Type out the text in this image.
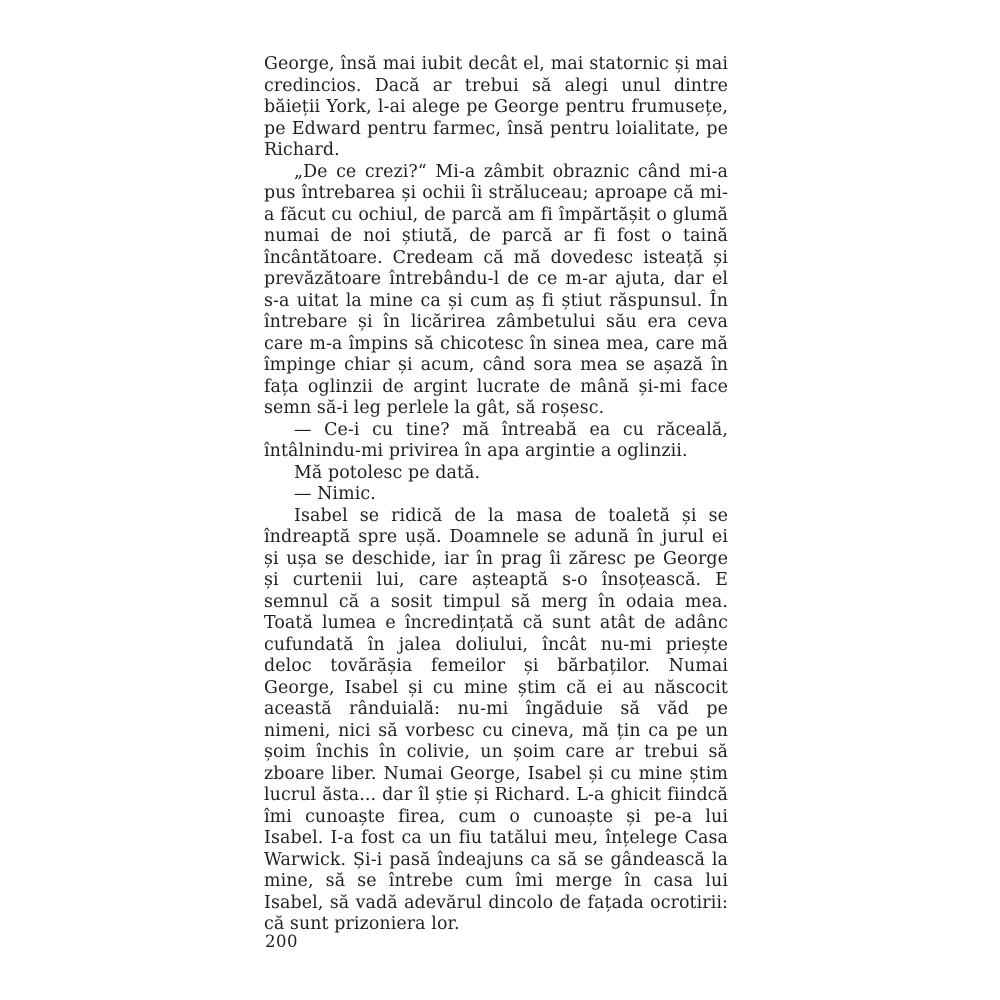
George, însă mai iubit decât el, mai statornic și mai credincios. Dacă ar trebui să alegi unul dintre băieții York, l-ai alege pe George pentru frumusețe, pe Edward pentru farmec, însă pentru loialitate, pe Richard.

„De ce crezi?“ Mi-a zâmbit obraznic când mi-a pus întrebarea și ochii îi străluceau; aproape că mi-a făcut cu ochiul, de parcă am fi împărtășit o glumă numai de noi știută, de parcă ar fi fost o taină încântătoare. Credeam că mă dovedesc isteață și prevăzătoare întrebându-l de ce m-ar ajuta, dar el s-a uitat la mine ca și cum aș fi știut răspunsul. În întrebare și în licărirea zâmbetului său era ceva care m-a împins să chicotesc în sinea mea, care mă împinge chiar și acum, când sora mea se așază în fața oglinzii de argint lucrate de mână și-mi face semn să-i leg perlele la gât, să roșesc.

— Ce-i cu tine? mă întreabă ea cu răceală, întâlnindu-mi privirea în apa argintie a oglinzii.

Mă potolesc pe dată.

— Nimic.

Isabel se ridică de la masa de toaletă și se îndreaptă spre ușă. Doamnele se adună în jurul ei și ușa se deschide, iar în prag îi zăresc pe George și curtenii lui, care așteaptă s-o însoțească. E semnul că a sosit timpul să merg în odaia mea. Toată lumea e încredințată că sunt atât de adânc cufundată în jalea doliului, încât nu-mi priește deloc tovărășia femeilor și bărbaților. Numai George, Isabel și cu mine știm că ei au născocit această rânduială: nu-mi îngăduie să văd pe nimeni, nici să vorbesc cu cineva, mă țin ca pe un șoim închis în colivie, un șoim care ar trebui să zboare liber. Numai George, Isabel și cu mine știm lucrul ăsta... dar îl știe și Richard. L-a ghicit fiindcă îmi cunoaște firea, cum o cunoaște și pe-a lui Isabel. I-a fost ca un fiu tatălui meu, înțelege Casa Warwick. Și-i pasă îndeajuns ca să se gândească la mine, să se întrebe cum îmi merge în casa lui Isabel, să vadă adevărul dincolo de fațada ocrotirii: că sunt prizoniera lor.

200
